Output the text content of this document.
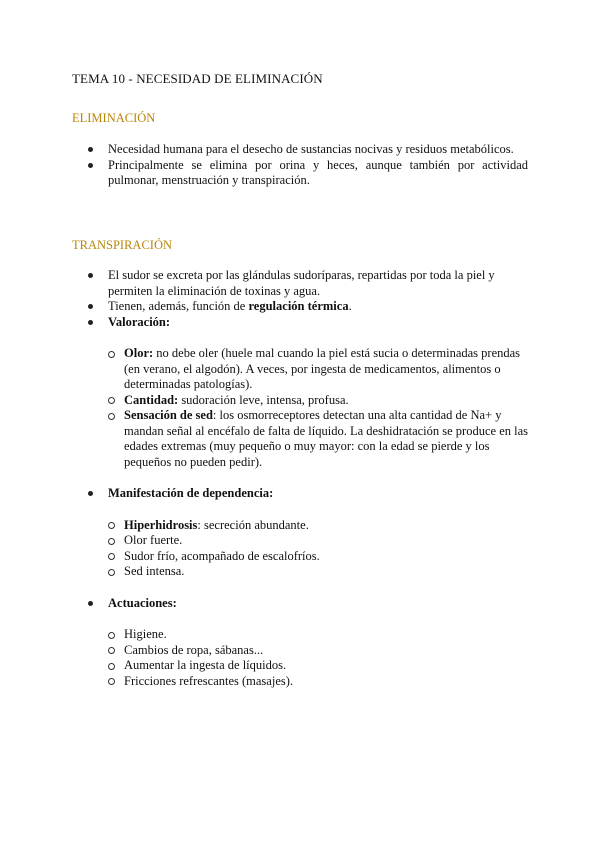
TEMA 10 - NECESIDAD DE ELIMINACIÓN
ELIMINACIÓN
Necesidad humana para el desecho de sustancias nocivas y residuos metabólicos.
Principalmente se elimina por orina y heces, aunque también por actividad pulmonar, menstruación y transpiración.
TRANSPIRACIÓN
El sudor se excreta por las glándulas sudoríparas, repartidas por toda la piel y permiten la eliminación de toxinas y agua.
Tienen, además, función de regulación térmica.
Valoración:
Olor: no debe oler (huele mal cuando la piel está sucia o determinadas prendas (en verano, el algodón). A veces, por ingesta de medicamentos, alimentos o determinadas patologías).
Cantidad: sudoración leve, intensa, profusa.
Sensación de sed: los osmorreceptores detectan una alta cantidad de Na+ y mandan señal al encéfalo de falta de líquido. La deshidratación se produce en las edades extremas (muy pequeño o muy mayor: con la edad se pierde y los pequeños no pueden pedir).
Manifestación de dependencia:
Hiperhidrosis: secreción abundante.
Olor fuerte.
Sudor frío, acompañado de escalofríos.
Sed intensa.
Actuaciones:
Higiene.
Cambios de ropa, sábanas...
Aumentar la ingesta de líquidos.
Fricciones refrescantes (masajes).
